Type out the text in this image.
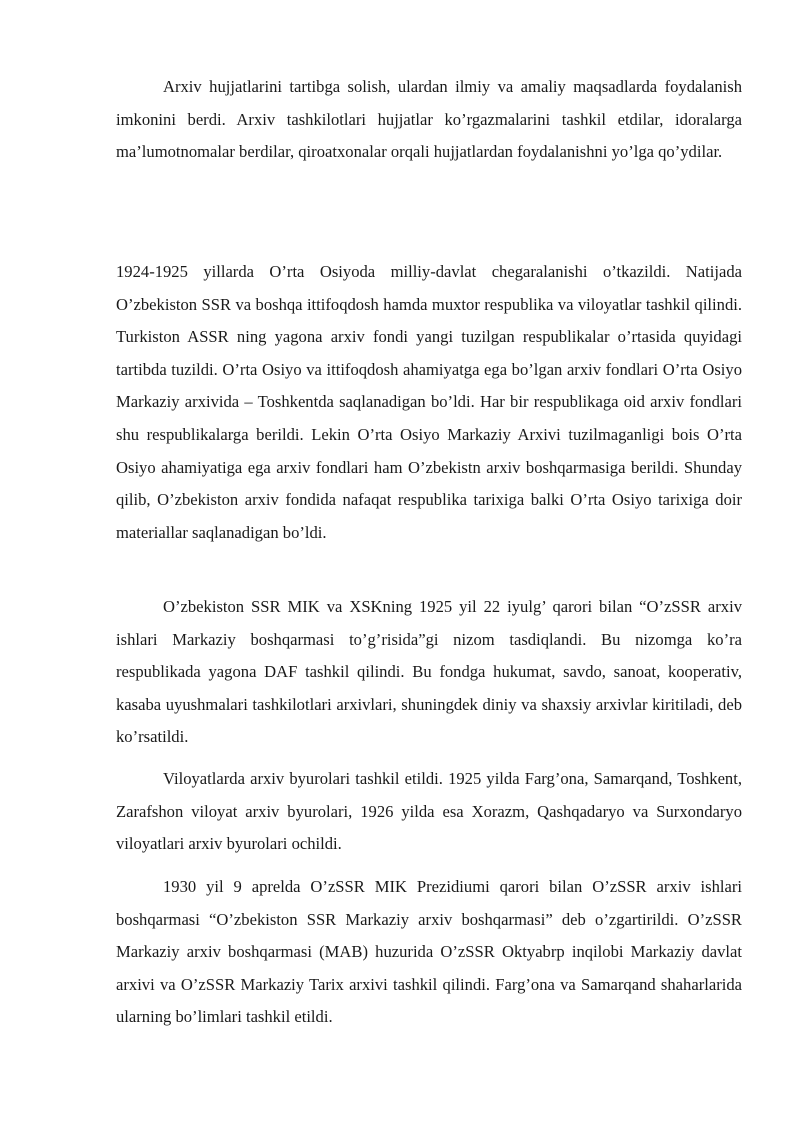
Arxiv hujjatlarini tartibga solish, ulardan ilmiy va amaliy maqsadlarda foydalanish imkonini berdi. Arxiv tashkilotlari hujjatlar ko’rgazmalarini tashkil etdilar, idoralarga ma’lumotnomalar berdilar, qiroatxonalar orqali hujjatlardan foydalanishni yo’lga qo’ydilar.

1924-1925 yillarda O’rta Osiyoda milliy-davlat chegaralanishi o’tkazildi. Natijada O’zbekiston SSR va boshqa ittifoqdosh hamda muxtor respublika va viloyatlar tashkil qilindi. Turkiston ASSR ning yagona arxiv fondi yangi tuzilgan respublikalar o’rtasida quyidagi tartibda tuzildi. O’rta Osiyo va ittifoqdosh ahamiyatga ega bo’lgan arxiv fondlari O’rta Osiyo Markaziy arxivida – Toshkentda saqlanadigan bo’ldi. Har bir respublikaga oid arxiv fondlari shu respublikalarga berildi. Lekin O’rta Osiyo Markaziy Arxivi tuzilmaganligi bois O’rta Osiyo ahamiyatiga ega arxiv fondlari ham O’zbekistn arxiv boshqarmasiga berildi. Shunday qilib, O’zbekiston arxiv fondida nafaqat respublika tarixiga balki O’rta Osiyo tarixiga doir materiallar saqlanadigan bo’ldi.

O’zbekiston SSR MIK va XSKning 1925 yil 22 iyulg’ qarori bilan “O’zSSR arxiv ishlari Markaziy boshqarmasi to’g’risida”gi nizom tasdiqlandi. Bu nizomga ko’ra respublikada yagona DAF tashkil qilindi. Bu fondga hukumat, savdo, sanoat, kooperativ, kasaba uyushmalari tashkilotlari arxivlari, shuningdek diniy va shaxsiy arxivlar kiritiladi, deb ko’rsatildi.

Viloyatlarda arxiv byurolari tashkil etildi. 1925 yilda Farg’ona, Samarqand, Toshkent, Zarafshon viloyat arxiv byurolari, 1926 yilda esa Xorazm, Qashqadaryo va Surxondaryo viloyatlari arxiv byurolari ochildi.

1930 yil 9 aprelda O’zSSR MIK Prezidiumi qarori bilan O’zSSR arxiv ishlari boshqarmasi “O’zbekiston SSR Markaziy arxiv boshqarmasi” deb o’zgartirildi. O’zSSR Markaziy arxiv boshqarmasi (MAB) huzurida O’zSSR Oktyabrp inqilobi Markaziy davlat arxivi va O’zSSR Markaziy Tarix arxivi tashkil qilindi. Farg’ona va Samarqand shaharlarida ularning bo’limlari tashkil etildi.
